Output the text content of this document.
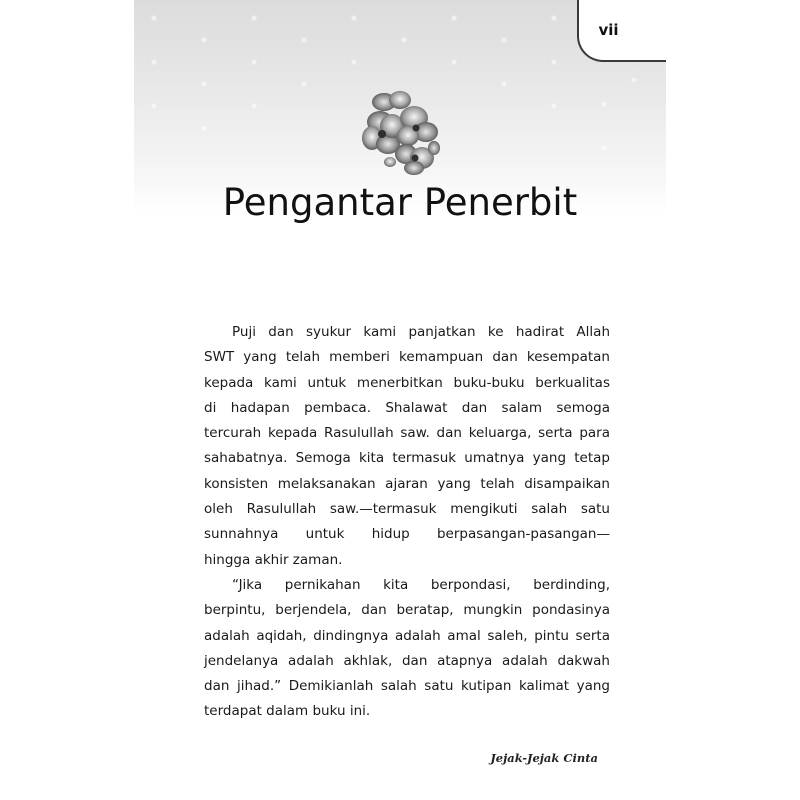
vii
Pengantar Penerbit
Puji dan syukur kami panjatkan ke hadirat Allah
SWT yang telah memberi kemampuan dan kesempatan
kepada kami untuk menerbitkan buku-buku berkualitas
di hadapan pembaca. Shalawat dan salam semoga
tercurah kepada Rasulullah saw. dan keluarga, serta para
sahabatnya. Semoga kita termasuk umatnya yang tetap
konsisten melaksanakan ajaran yang telah disampaikan
oleh Rasulullah saw.—termasuk mengikuti salah satu
sunnahnya untuk hidup berpasangan-pasangan—
hingga akhir zaman.
“Jika pernikahan kita berpondasi, berdinding,
berpintu, berjendela, dan beratap, mungkin pondasinya
adalah aqidah, dindingnya adalah amal saleh, pintu serta
jendelanya adalah akhlak, dan atapnya adalah dakwah
dan jihad.” Demikianlah salah satu kutipan kalimat yang
terdapat dalam buku ini.
Jejak-Jejak Cinta
